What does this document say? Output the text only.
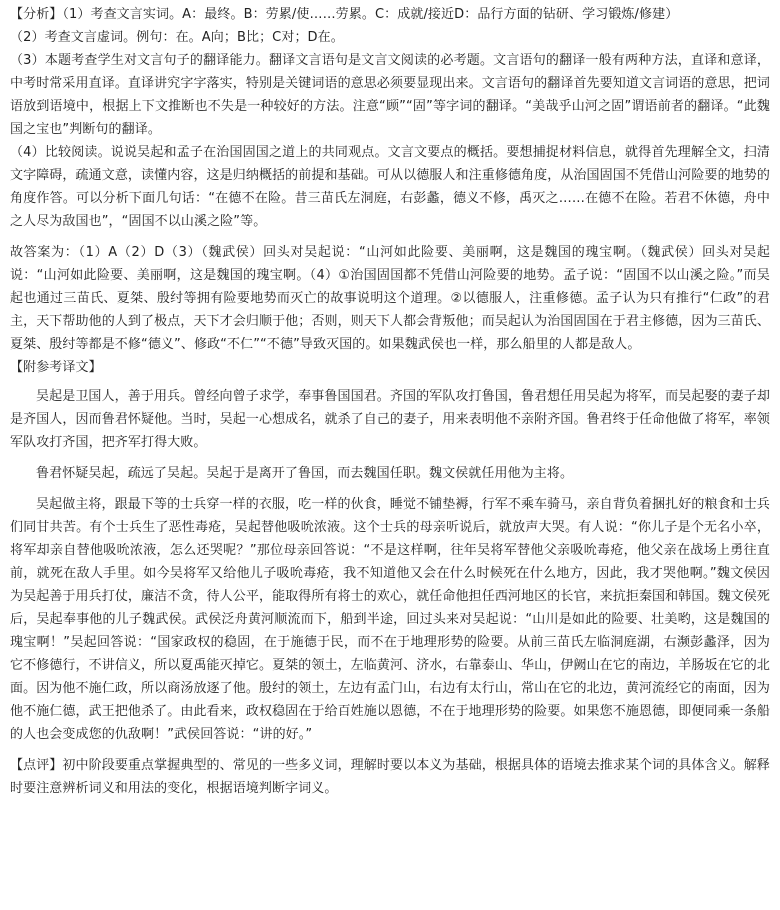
【分析】（1）考查文言实词。A：最终。B：劳累/使……劳累。C：成就/接近D：品行方面的钻研、学习锻炼/修建）

（2）考查文言虚词。例句：在。A向；B比；C对；D在。

（3）本题考查学生对文言句子的翻译能力。翻译文言语句是文言文阅读的必考题。文言语句的翻译一般有两种方法，直译和意译，中考时常采用直译。直译讲究字字落实，特别是关键词语的意思必须要显现出来。文言语句的翻译首先要知道文言词语的意思，把词语放到语境中，根据上下文推断也不失是一种较好的方法。注意“顾”“固”等字词的翻译。“美哉乎山河之固”谓语前者的翻译。“此魏国之宝也”判断句的翻译。

（4）比较阅读。说说吴起和孟子在治国固国之道上的共同观点。文言文要点的概括。要想捕捉材料信息，就得首先理解全文，扫清文字障碍，疏通文意，读懂内容，这是归纳概括的前提和基础。可从以德服人和注重修德角度，从治国固国不凭借山河险要的地势的角度作答。可以分析下面几句话：“在德不在险。昔三苗氏左洞庭，右彭蠡，德义不修，禹灭之……在德不在险。若君不休德，舟中之人尽为敌国也”，“固国不以山溪之险”等。

故答案为：（1）A（2）D（3）（魏武侯）回头对吴起说：“山河如此险要、美丽啊，这是魏国的瑰宝啊。（魏武侯）回头对吴起说：“山河如此险要、美丽啊，这是魏国的瑰宝啊。（4）①治国固国都不凭借山河险要的地势。孟子说：“固国不以山溪之险。”而吴起也通过三苗氏、夏桀、殷纣等拥有险要地势而灭亡的故事说明这个道理。②以德服人，注重修德。孟子认为只有推行“仁政”的君主，天下帮助他的人到了极点，天下才会归顺于他；否则，则天下人都会背叛他；而吴起认为治国固国在于君主修德，因为三苗氏、夏桀、殷纣等都是不修“德义”、修政“不仁”“不德”导致灭国的。如果魏武侯也一样，那么船里的人都是敌人。

【附参考译文】

吴起是卫国人，善于用兵。曾经向曾子求学，奉事鲁国国君。齐国的军队攻打鲁国，鲁君想任用吴起为将军，而吴起娶的妻子却是齐国人，因而鲁君怀疑他。当时，吴起一心想成名，就杀了自己的妻子，用来表明他不亲附齐国。鲁君终于任命他做了将军，率领军队攻打齐国，把齐军打得大败。

鲁君怀疑吴起，疏远了吴起。吴起于是离开了鲁国，而去魏国任职。魏文侯就任用他为主将。

吴起做主将，跟最下等的士兵穿一样的衣服，吃一样的伙食，睡觉不铺垫褥，行军不乘车骑马，亲自背负着捆扎好的粮食和士兵们同甘共苦。有个士兵生了恶性毒疮，吴起替他吸吮浓液。这个士兵的母亲听说后，就放声大哭。有人说：“你儿子是个无名小卒，将军却亲自替他吸吮浓液，怎么还哭呢？”那位母亲回答说：“不是这样啊，往年吴将军替他父亲吸吮毒疮，他父亲在战场上勇往直前，就死在敌人手里。如今吴将军又给他儿子吸吮毒疮，我不知道他又会在什么时候死在什么地方，因此，我才哭他啊。”魏文侯因为吴起善于用兵打仗，廉洁不贪，待人公平，能取得所有将士的欢心，就任命他担任西河地区的长官，来抗拒秦国和韩国。魏文侯死后，吴起奉事他的儿子魏武侯。武侯泛舟黄河顺流而下，船到半途，回过头来对吴起说：“山川是如此的险要、壮美哟，这是魏国的瑰宝啊！”吴起回答说：“国家政权的稳固，在于施德于民，而不在于地理形势的险要。从前三苗氏左临洞庭湖，右濒彭蠡泽，因为它不修德行，不讲信义，所以夏禹能灭掉它。夏桀的领土，左临黄河、济水，右靠泰山、华山，伊阙山在它的南边，羊肠坂在它的北面。因为他不施仁政，所以商汤放逐了他。殷纣的领土，左边有孟门山，右边有太行山，常山在它的北边，黄河流经它的南面，因为他不施仁德，武王把他杀了。由此看来，政权稳固在于给百姓施以恩德，不在于地理形势的险要。如果您不施恩德，即便同乘一条船的人也会变成您的仇敌啊！”武侯回答说：“讲的好。”

【点评】初中阶段要重点掌握典型的、常见的一些多义词，理解时要以本义为基础，根据具体的语境去推求某个词的具体含义。解释时要注意辨析词义和用法的变化，根据语境判断字词义。
